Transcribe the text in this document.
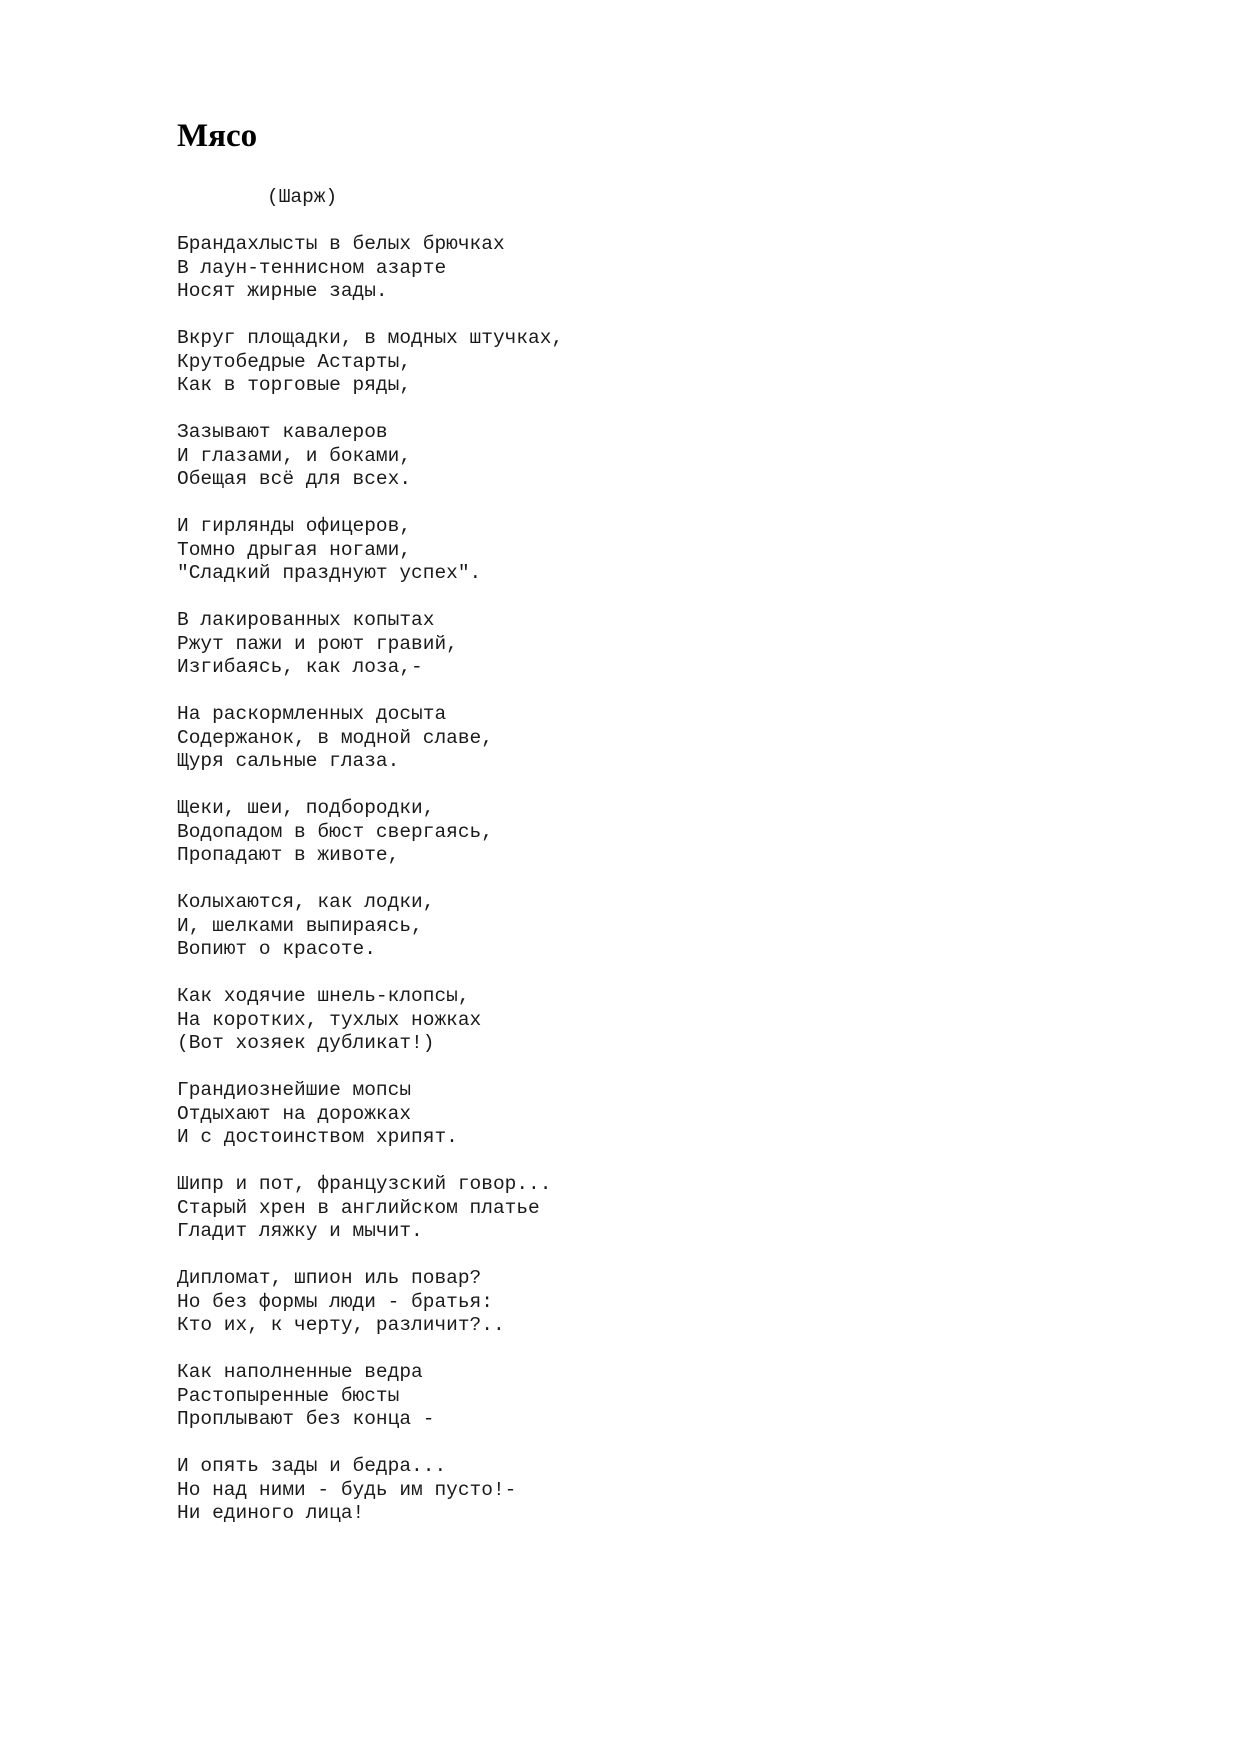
Мясо
(Шарж)
Брандахлысты в белых брючках
В лаун-теннисном азарте
Носят жирные зады.
Вкруг площадки, в модных штучках,
Крутобедрые Астарты,
Как в торговые ряды,
Зазывают кавалеров
И глазами, и боками,
Обещая всё для всех.
И гирлянды офицеров,
Томно дрыгая ногами,
"Сладкий празднуют успех".
В лакированных копытах
Ржут пажи и роют гравий,
Изгибаясь, как лоза,-
На раскормленных досыта
Содержанок, в модной славе,
Щуря сальные глаза.
Щеки, шеи, подбородки,
Водопадом в бюст свергаясь,
Пропадают в животе,
Колыхаются, как лодки,
И, шелками выпираясь,
Вопиют о красоте.
Как ходячие шнель-клопсы,
На коротких, тухлых ножках
(Вот хозяек дубликат!)
Грандиознейшие мопсы
Отдыхают на дорожках
И с достоинством хрипят.
Шипр и пот, французский говор...
Старый хрен в английском платье
Гладит ляжку и мычит.
Дипломат, шпион иль повар?
Но без формы люди - братья:
Кто их, к черту, различит?..
Как наполненные ведра
Растопыренные бюсты
Проплывают без конца -
И опять зады и бедра...
Но над ними - будь им пусто!-
Ни единого лица!
